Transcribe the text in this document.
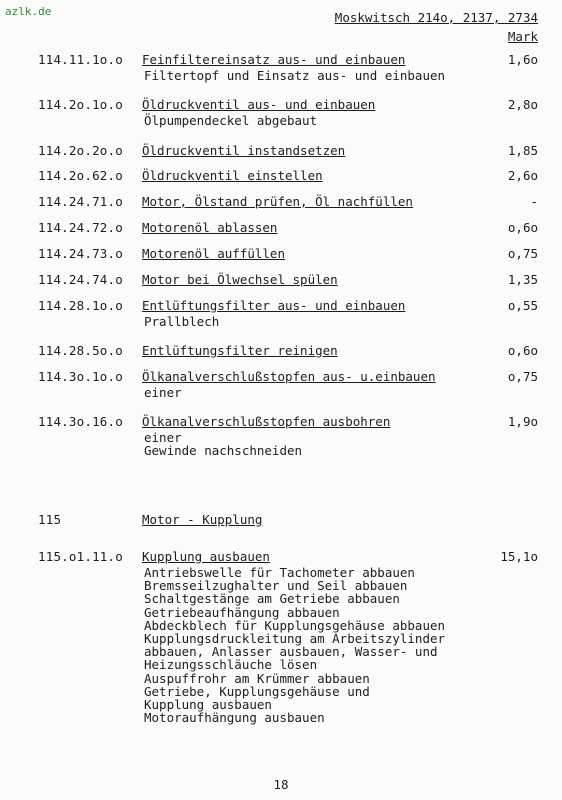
azlk.de	Moskwitsch 214o, 2137, 2734
Mark
114.11.1o.o Feinfiltereinsatz aus- und einbauen	1,6o
Filtertopf und Einsatz aus- und einbauen
114.2o.1o.o Öldruckventil aus- und einbauen	2,8o
Ölpumpendeckel abgebaut
114.2o.2o.o Öldruckventil instandsetzen	1,85
114.2o.62.o Öldruckventil einstellen	2,6o
114.24.71.o Motor, Ölstand prüfen, Öl nachfüllen	-
114.24.72.o Motorenöl ablassen	o,6o
114.24.73.o Motorenöl auffüllen	o,75
114.24.74.o Motor bei Ölwechsel spülen	1,35
114.28.1o.o Entlüftungsfilter aus- und einbauen	o,55
Prallblech
114.28.5o.o Entlüftungsfilter reinigen	o,6o
114.3o.1o.o Ölkanalverschlußstopfen aus- u.einbauen	o,75
einer
114.3o.16.o Ölkanalverschlußstopfen ausbohren	1,9o
einer
Gewinde nachschneiden
115	Motor - Kupplung
115.o1.11.o Kupplung ausbauen	15,1o
Antriebswelle für Tachometer abbauen
Bremsseilzughalter und Seil abbauen
Schaltgestänge am Getriebe abbauen
Getriebeaufhängung abbauen
Abdeckblech für Kupplungsgehäuse abbauen
Kupplungsdruckleitung am Arbeitszylinder
abbauen, Anlasser ausbauen, Wasser- und
Heizungsschläuche lösen
Auspuffrohr am Krümmer abbauen
Getriebe, Kupplungsgehäuse und
Kupplung ausbauen
Motoraufhängung ausbauen
18
